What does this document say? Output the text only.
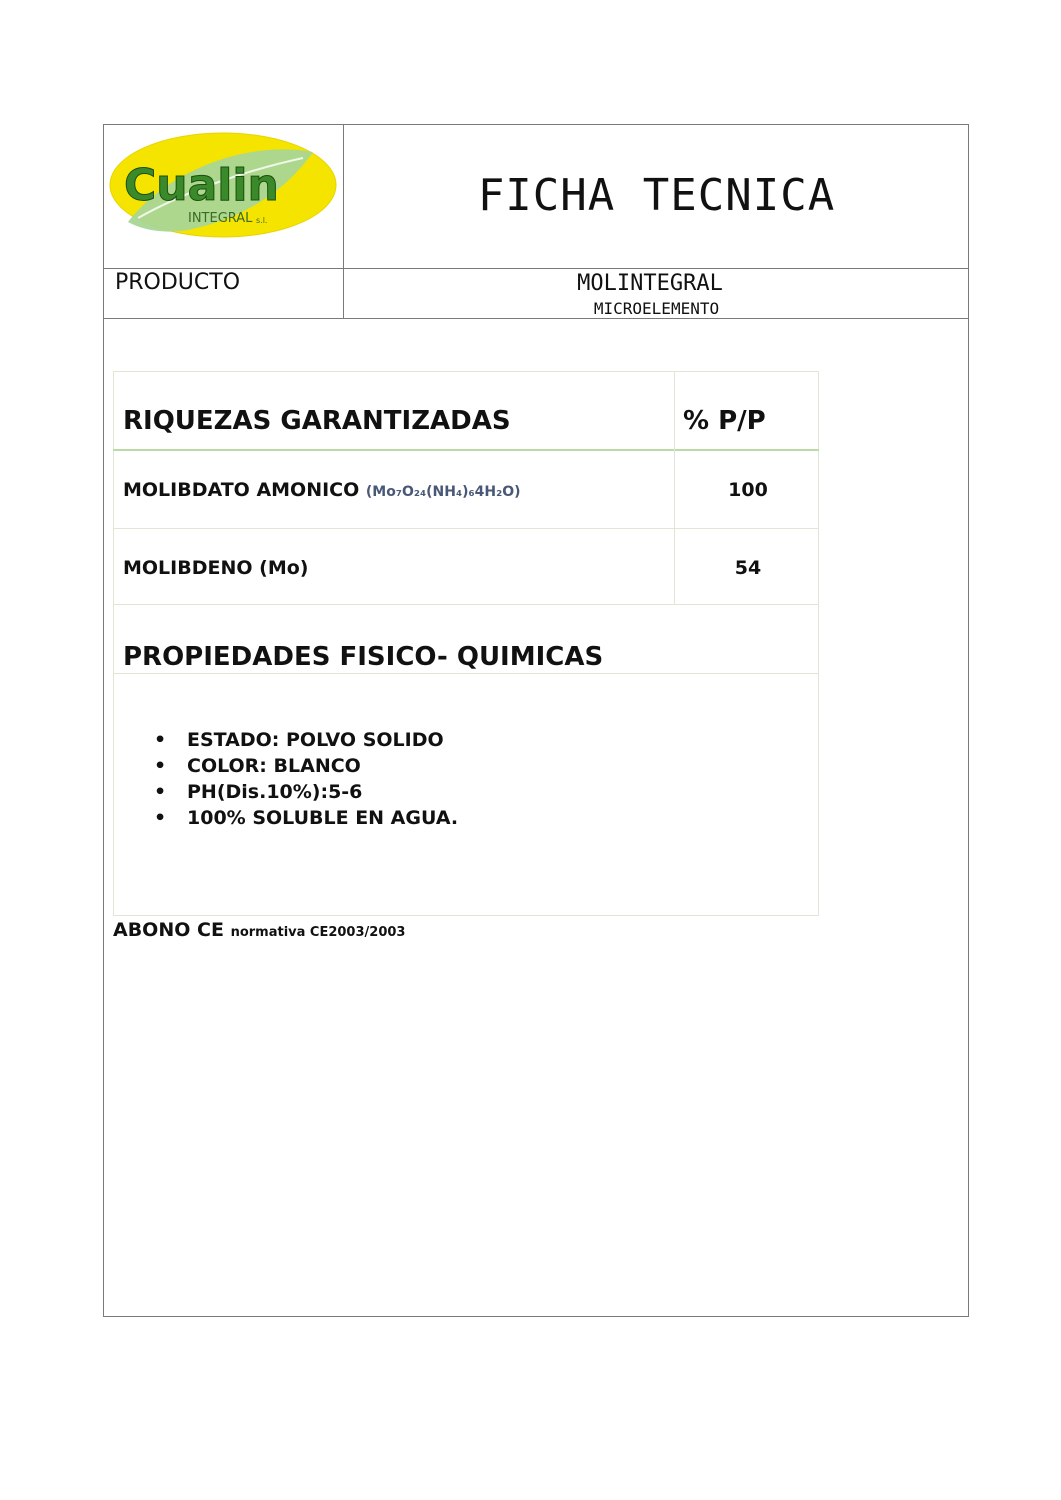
Cualin
INTEGRAL s.l.	FICHA TECNICA
PRODUCTO	MOLINTEGRAL
MICROELEMENTO
RIQUEZAS GARANTIZADAS	% P/P
MOLIBDATO AMONICO (Mo₇O₂₄(NH₄)₆4H₂O)	100
MOLIBDENO (Mo)	54
PROPIEDADES FISICO- QUIMICAS
• ESTADO: POLVO SOLIDO
• COLOR: BLANCO
• PH(Dis.10%):5-6
• 100% SOLUBLE EN AGUA.
ABONO CE normativa CE2003/2003
